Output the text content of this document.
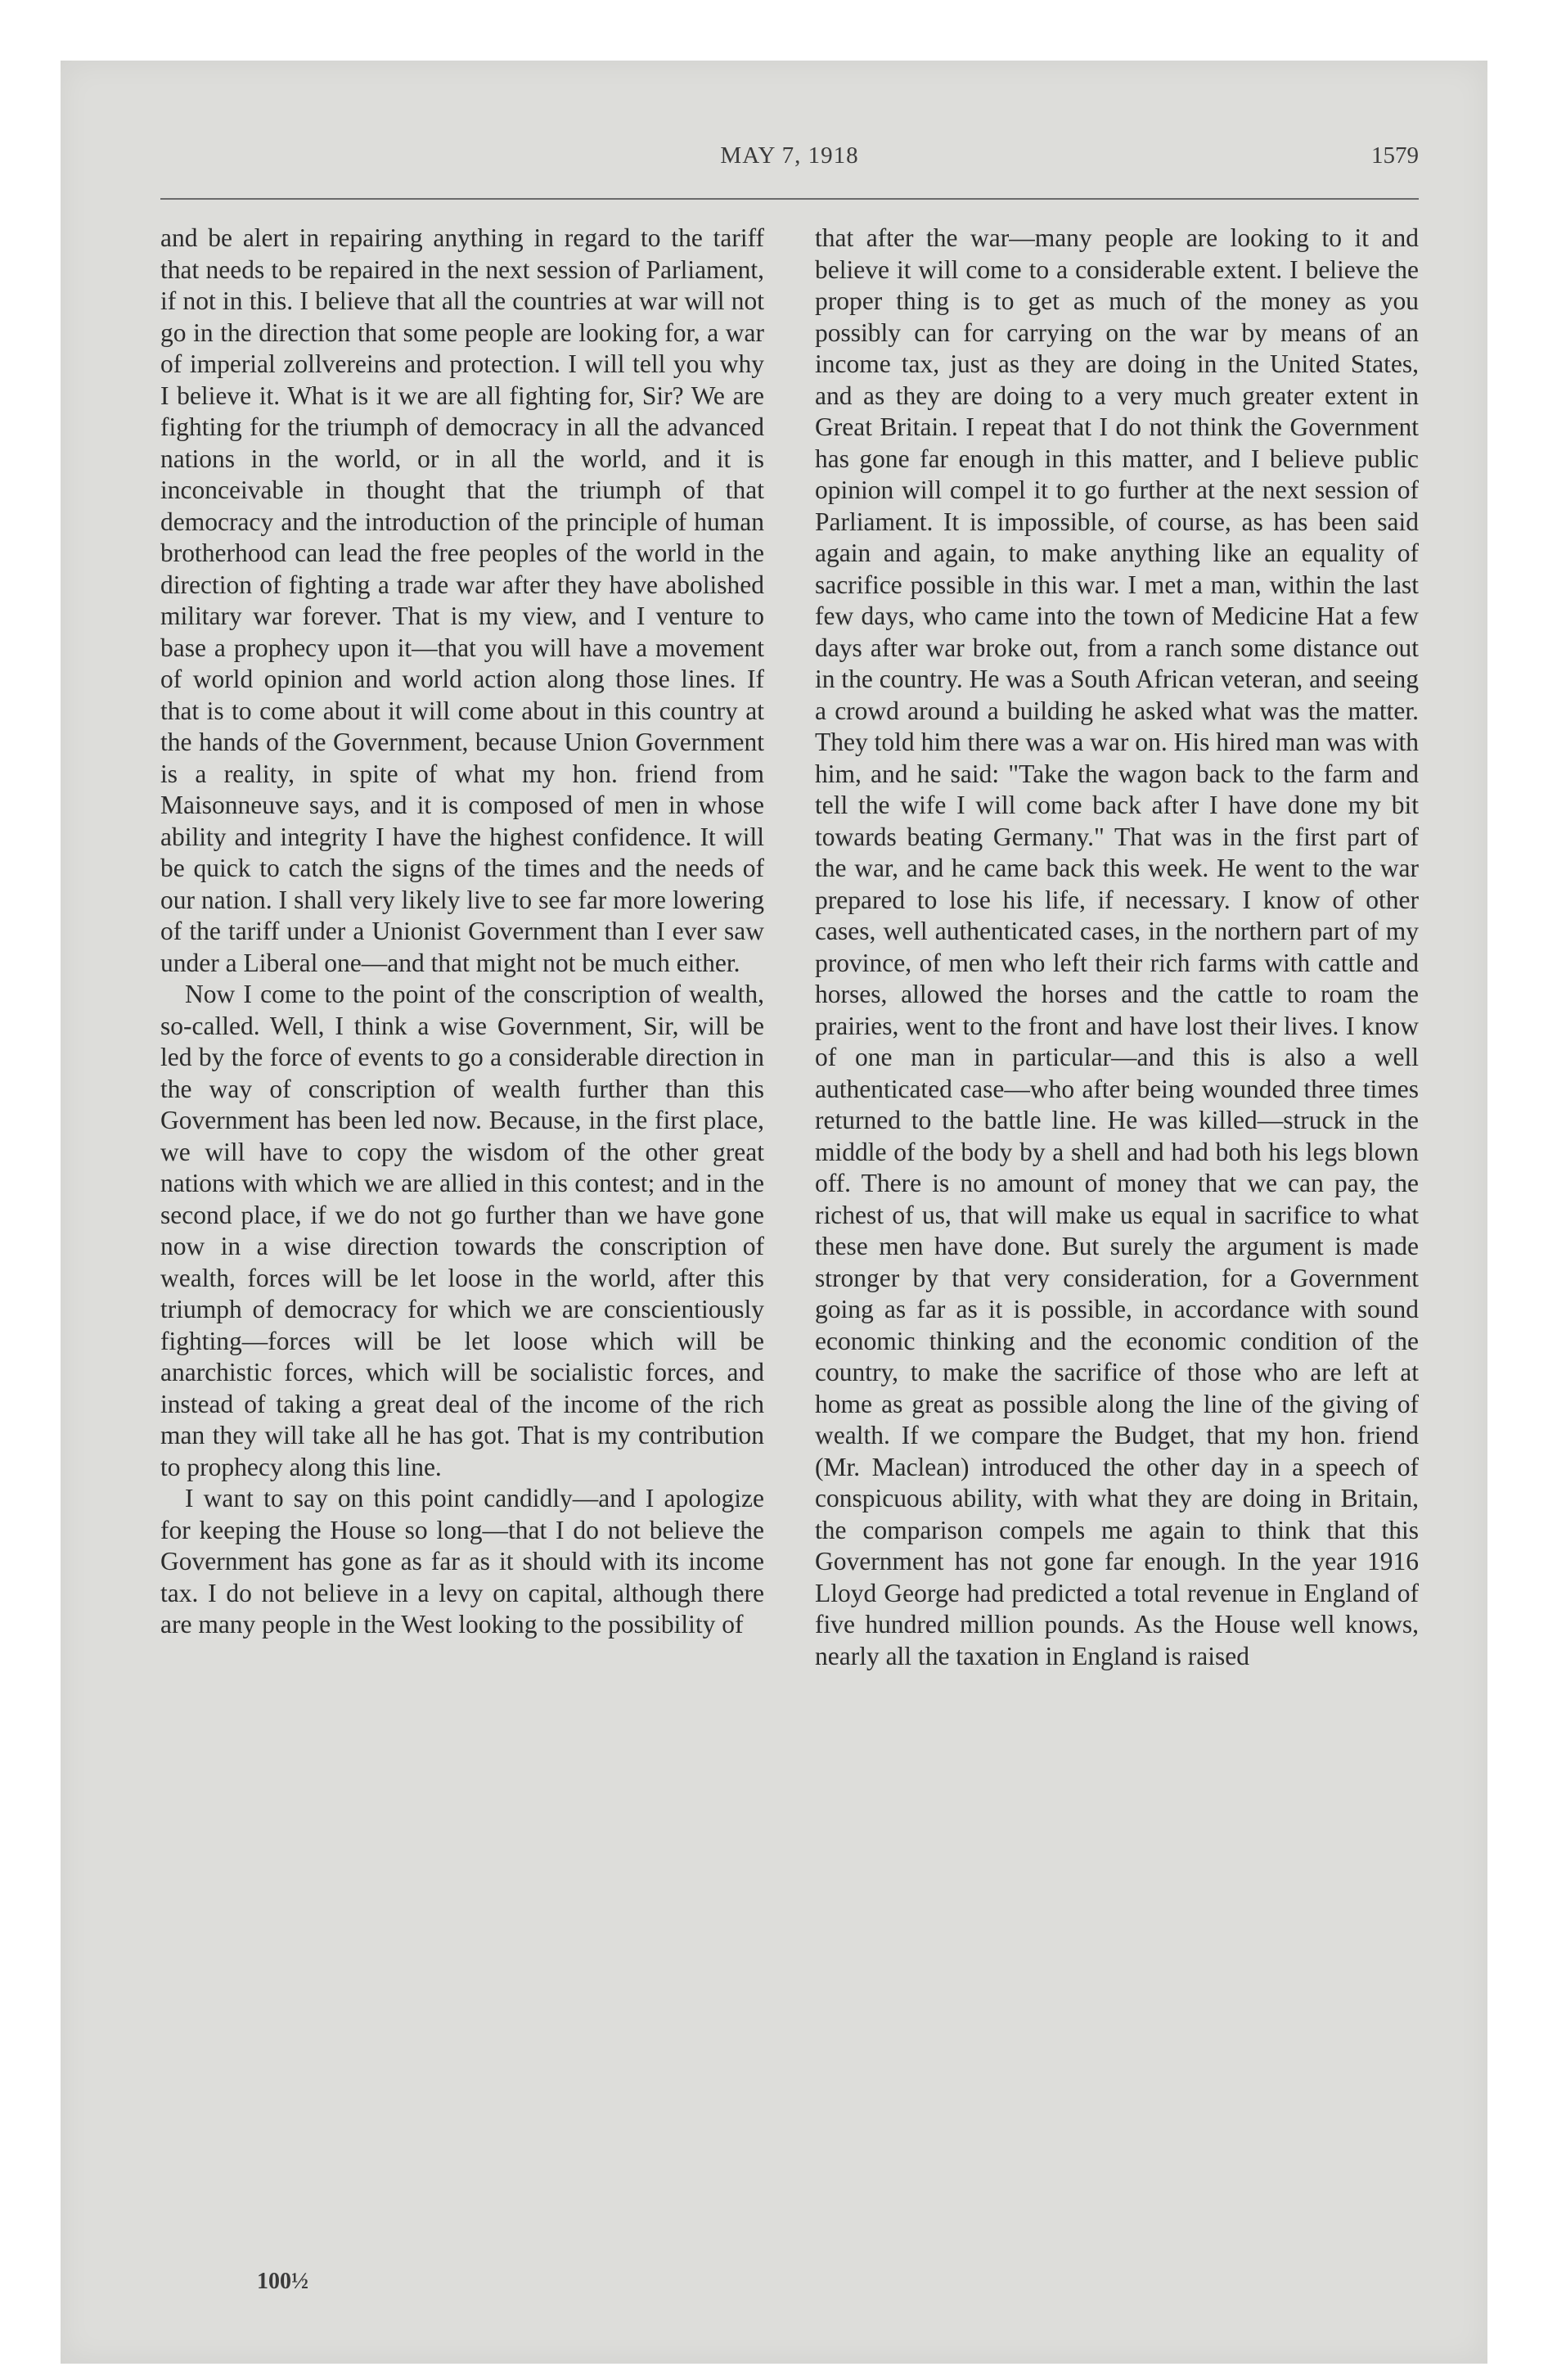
MAY 7, 1918	1579

and be alert in repairing anything in regard to the tariff that needs to be repaired in the next session of Parliament, if not in this. I believe that all the countries at war will not go in the direction that some people are looking for, a war of imperial zollvereins and protection. I will tell you why I believe it. What is it we are all fighting for, Sir? We are fighting for the triumph of democracy in all the advanced nations in the world, or in all the world, and it is inconceivable in thought that the triumph of that democracy and the introduction of the principle of human brotherhood can lead the free peoples of the world in the direction of fighting a trade war after they have abolished military war forever. That is my view, and I venture to base a prophecy upon it—that you will have a movement of world opinion and world action along those lines. If that is to come about it will come about in this country at the hands of the Government, because Union Government is a reality, in spite of what my hon. friend from Maisonneuve says, and it is composed of men in whose ability and integrity I have the highest confidence. It will be quick to catch the signs of the times and the needs of our nation. I shall very likely live to see far more lowering of the tariff under a Unionist Government than I ever saw under a Liberal one—and that might not be much either.

Now I come to the point of the conscription of wealth, so-called. Well, I think a wise Government, Sir, will be led by the force of events to go a considerable direction in the way of conscription of wealth further than this Government has been led now. Because, in the first place, we will have to copy the wisdom of the other great nations with which we are allied in this contest; and in the second place, if we do not go further than we have gone now in a wise direction towards the conscription of wealth, forces will be let loose in the world, after this triumph of democracy for which we are conscientiously fighting—forces will be let loose which will be anarchistic forces, which will be socialistic forces, and instead of taking a great deal of the income of the rich man they will take all he has got. That is my contribution to prophecy along this line.

I want to say on this point candidly—and I apologize for keeping the House so long—that I do not believe the Government has gone as far as it should with its income tax. I do not believe in a levy on capital, although there are many people in the West looking to the possibility of

that after the war—many people are looking to it and believe it will come to a considerable extent. I believe the proper thing is to get as much of the money as you possibly can for carrying on the war by means of an income tax, just as they are doing in the United States, and as they are doing to a very much greater extent in Great Britain. I repeat that I do not think the Government has gone far enough in this matter, and I believe public opinion will compel it to go further at the next session of Parliament. It is impossible, of course, as has been said again and again, to make anything like an equality of sacrifice possible in this war. I met a man, within the last few days, who came into the town of Medicine Hat a few days after war broke out, from a ranch some distance out in the country. He was a South African veteran, and seeing a crowd around a building he asked what was the matter. They told him there was a war on. His hired man was with him, and he said: "Take the wagon back to the farm and tell the wife I will come back after I have done my bit towards beating Germany." That was in the first part of the war, and he came back this week. He went to the war prepared to lose his life, if necessary. I know of other cases, well authenticated cases, in the northern part of my province, of men who left their rich farms with cattle and horses, allowed the horses and the cattle to roam the prairies, went to the front and have lost their lives. I know of one man in particular—and this is also a well authenticated case—who after being wounded three times returned to the battle line. He was killed—struck in the middle of the body by a shell and had both his legs blown off. There is no amount of money that we can pay, the richest of us, that will make us equal in sacrifice to what these men have done. But surely the argument is made stronger by that very consideration, for a Government going as far as it is possible, in accordance with sound economic thinking and the economic condition of the country, to make the sacrifice of those who are left at home as great as possible along the line of the giving of wealth. If we compare the Budget, that my hon. friend (Mr. Maclean) introduced the other day in a speech of conspicuous ability, with what they are doing in Britain, the comparison compels me again to think that this Government has not gone far enough. In the year 1916 Lloyd George had predicted a total revenue in England of five hundred million pounds. As the House well knows, nearly all the taxation in England is raised

100½
